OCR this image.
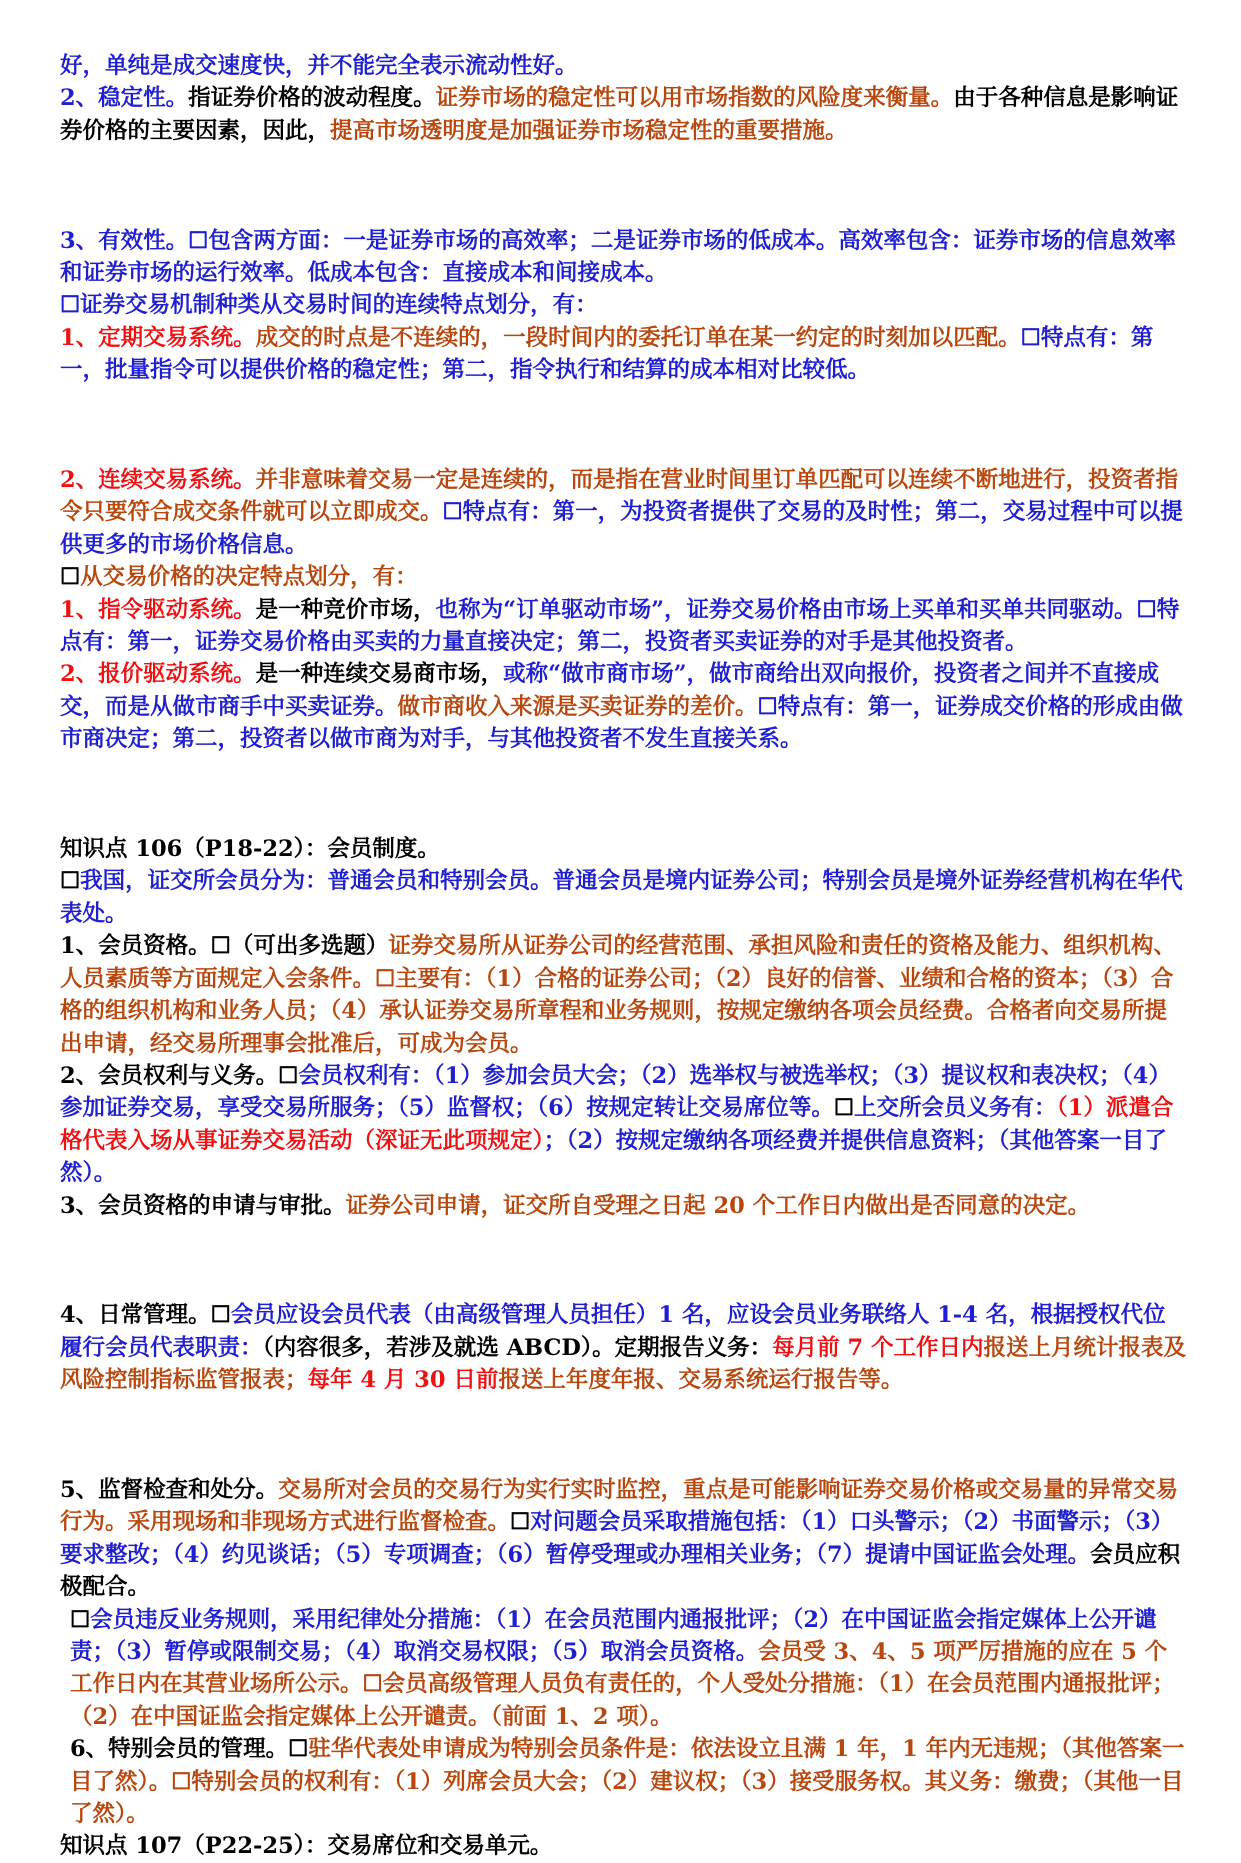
好，单纯是成交速度快，并不能完全表示流动性好。

2、稳定性。指证券价格的波动程度。证券市场的稳定性可以用市场指数的风险度来衡量。由于各种信息是影响证券价格的主要因素，因此，提高市场透明度是加强证券市场稳定性的重要措施。

3、有效性。☐包含两方面：一是证券市场的高效率；二是证券市场的低成本。高效率包含：证券市场的信息效率和证券市场的运行效率。低成本包含：直接成本和间接成本。

☐证券交易机制种类从交易时间的连续特点划分，有：

1、定期交易系统。成交的时点是不连续的，一段时间内的委托订单在某一约定的时刻加以匹配。☐特点有：第一，批量指令可以提供价格的稳定性；第二，指令执行和结算的成本相对比较低。

2、连续交易系统。并非意味着交易一定是连续的，而是指在营业时间里订单匹配可以连续不断地进行，投资者指令只要符合成交条件就可以立即成交。☐特点有：第一，为投资者提供了交易的及时性；第二，交易过程中可以提供更多的市场价格信息。

☐从交易价格的决定特点划分，有：

1、指令驱动系统。是一种竞价市场，也称为“订单驱动市场”，证券交易价格由市场上买单和买单共同驱动。☐特点有：第一，证券交易价格由买卖的力量直接决定；第二，投资者买卖证券的对手是其他投资者。

2、报价驱动系统。是一种连续交易商市场，或称“做市商市场”，做市商给出双向报价，投资者之间并不直接成交，而是从做市商手中买卖证券。做市商收入来源是买卖证券的差价。☐特点有：第一，证券成交价格的形成由做市商决定；第二，投资者以做市商为对手，与其他投资者不发生直接关系。

知识点 106（P18-22）：会员制度。

☐我国，证交所会员分为：普通会员和特别会员。普通会员是境内证券公司；特别会员是境外证券经营机构在华代表处。

1、会员资格。☐（可出多选题）证券交易所从证券公司的经营范围、承担风险和责任的资格及能力、组织机构、人员素质等方面规定入会条件。☐主要有：（1）合格的证券公司；（2）良好的信誉、业绩和合格的资本；（3）合格的组织机构和业务人员；（4）承认证券交易所章程和业务规则，按规定缴纳各项会员经费。合格者向交易所提出申请，经交易所理事会批准后，可成为会员。

2、会员权利与义务。☐会员权利有：（1）参加会员大会；（2）选举权与被选举权；（3）提议权和表决权；（4）参加证券交易，享受交易所服务；（5）监督权；（6）按规定转让交易席位等。☐上交所会员义务有：（1）派遣合格代表入场从事证券交易活动（深证无此项规定）；（2）按规定缴纳各项经费并提供信息资料；（其他答案一目了然）。

3、会员资格的申请与审批。证券公司申请，证交所自受理之日起 20 个工作日内做出是否同意的决定。

4、日常管理。☐会员应设会员代表（由高级管理人员担任）1 名，应设会员业务联络人 1-4 名，根据授权代位履行会员代表职责：（内容很多，若涉及就选 ABCD）。定期报告义务：每月前 7 个工作日内报送上月统计报表及风险控制指标监管报表；每年 4 月 30 日前报送上年度年报、交易系统运行报告等。

5、监督检查和处分。交易所对会员的交易行为实行实时监控，重点是可能影响证券交易价格或交易量的异常交易行为。采用现场和非现场方式进行监督检查。☐对问题会员采取措施包括：（1）口头警示；（2）书面警示；（3）要求整改；（4）约见谈话；（5）专项调查；（6）暂停受理或办理相关业务；（7）提请中国证监会处理。会员应积极配合。

☐会员违反业务规则，采用纪律处分措施：（1）在会员范围内通报批评；（2）在中国证监会指定媒体上公开谴责；（3）暂停或限制交易；（4）取消交易权限；（5）取消会员资格。会员受 3、4、5 项严厉措施的应在 5 个工作日内在其营业场所公示。☐会员高级管理人员负有责任的，个人受处分措施：（1）在会员范围内通报批评；（2）在中国证监会指定媒体上公开谴责。（前面 1、2 项）。

6、特别会员的管理。☐驻华代表处申请成为特别会员条件是：依法设立且满 1 年，1 年内无违规；（其他答案一目了然）。☐特别会员的权利有：（1）列席会员大会；（2）建议权；（3）接受服务权。其义务：缴费；（其他一目了然）。

知识点 107（P22-25）：交易席位和交易单元。
